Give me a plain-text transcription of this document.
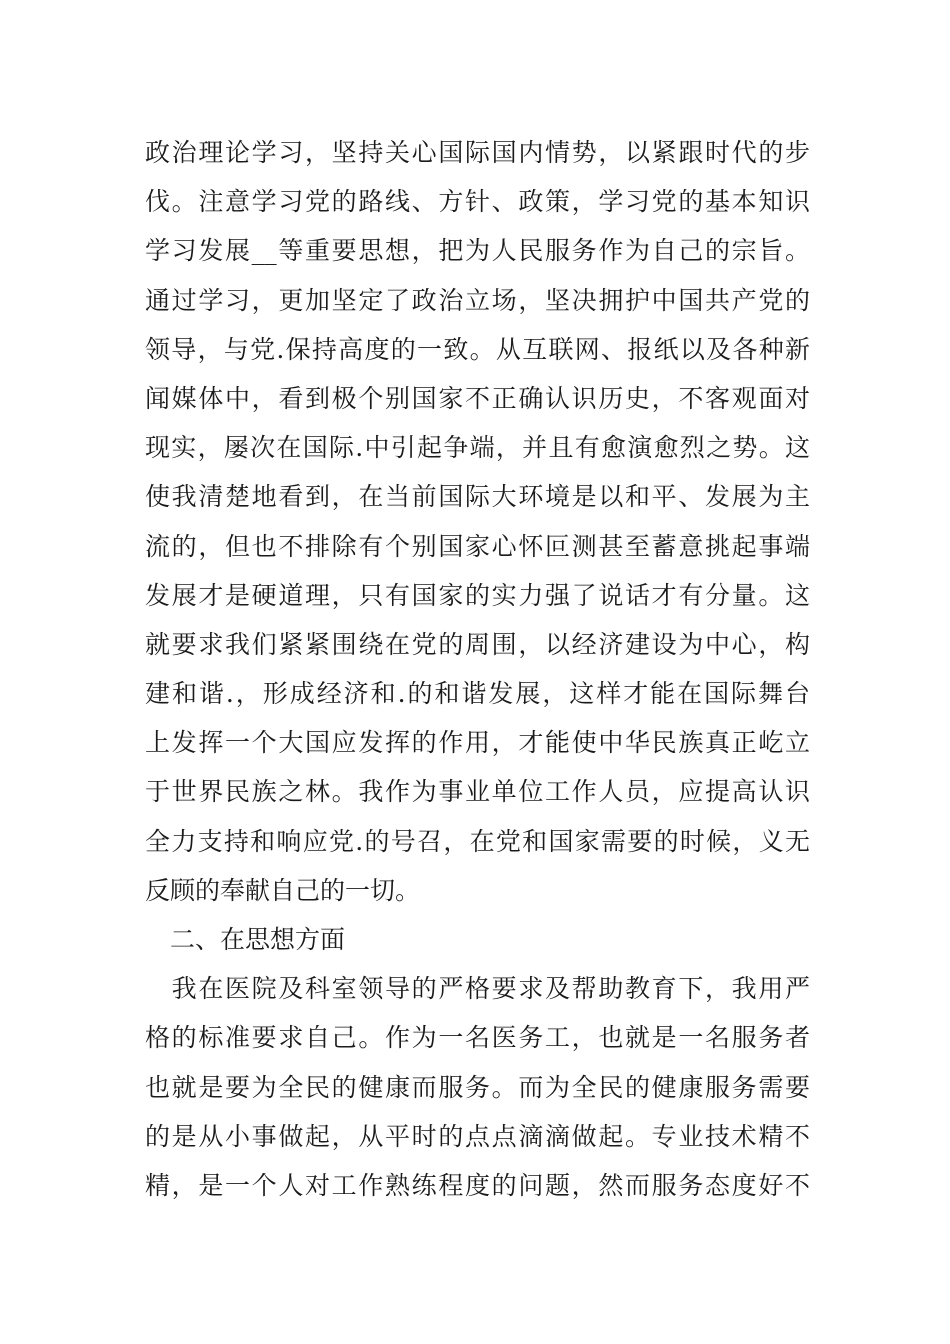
政治理论学习，坚持关心国际国内情势，以紧跟时代的步
伐。注意学习党的路线、方针、政策，学习党的基本知识
学习发展__等重要思想，把为人民服务作为自己的宗旨。
通过学习，更加坚定了政治立场，坚决拥护中国共产党的
领导，与党.保持高度的一致。从互联网、报纸以及各种新
闻媒体中，看到极个别国家不正确认识历史，不客观面对
现实，屡次在国际.中引起争端，并且有愈演愈烈之势。这
使我清楚地看到，在当前国际大环境是以和平、发展为主
流的，但也不排除有个别国家心怀叵测甚至蓄意挑起事端
发展才是硬道理，只有国家的实力强了说话才有分量。这
就要求我们紧紧围绕在党的周围，以经济建设为中心，构
建和谐.，形成经济和.的和谐发展，这样才能在国际舞台
上发挥一个大国应发挥的作用，才能使中华民族真正屹立
于世界民族之林。我作为事业单位工作人员，应提高认识
全力支持和响应党.的号召，在党和国家需要的时候，义无
反顾的奉献自己的一切。
　二、在思想方面
　我在医院及科室领导的严格要求及帮助教育下，我用严
格的标准要求自己。作为一名医务工，也就是一名服务者
也就是要为全民的健康而服务。而为全民的健康服务需要
的是从小事做起，从平时的点点滴滴做起。专业技术精不
精，是一个人对工作熟练程度的问题，然而服务态度好不
